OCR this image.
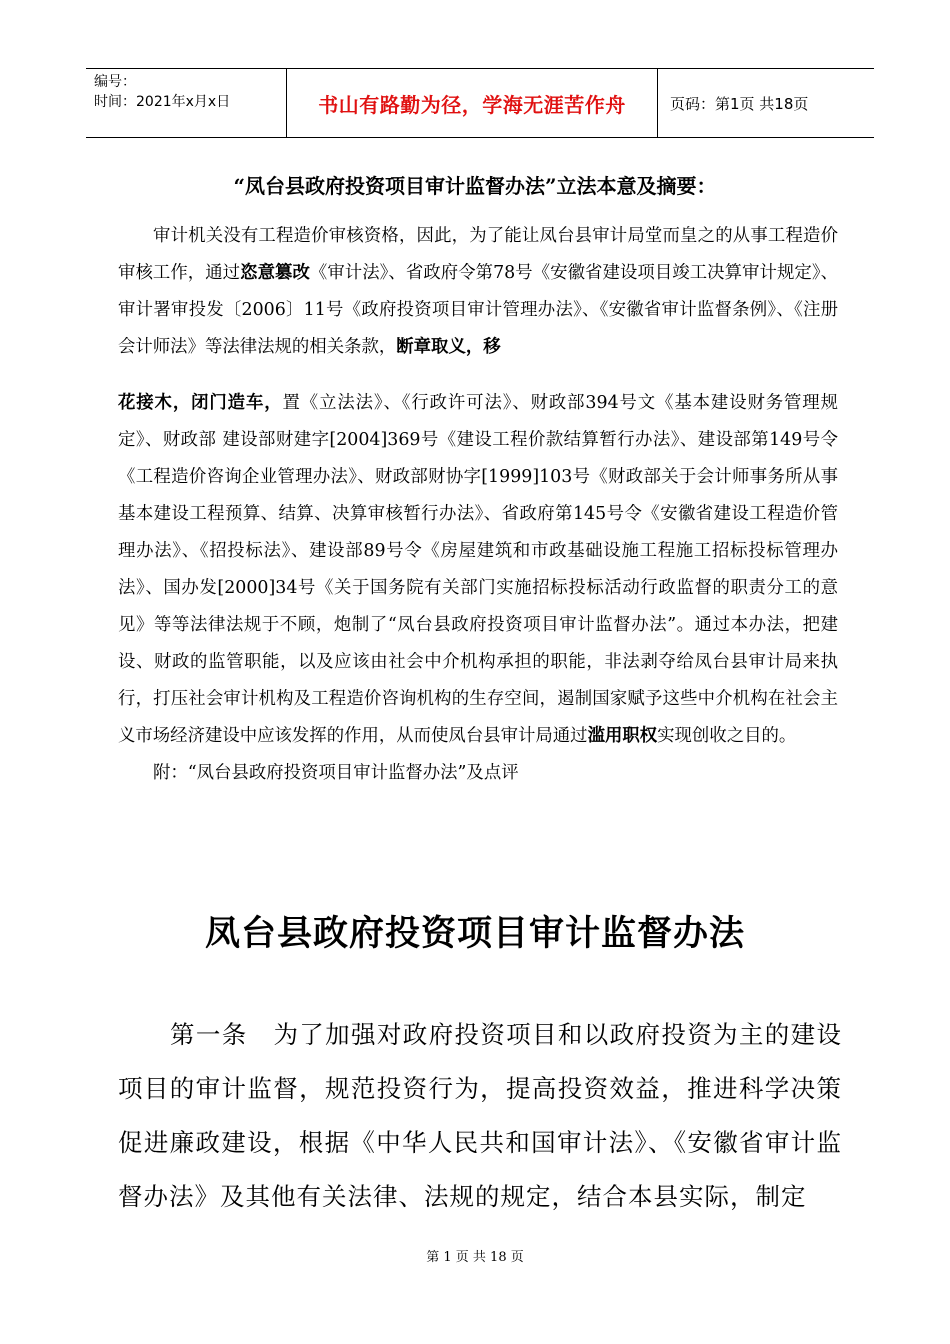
编号：
时间：2021年x月x日	书山有路勤为径，学海无涯苦作舟	页码：第1页 共18页
“凤台县政府投资项目审计监督办法”立法本意及摘要：

审计机关没有工程造价审核资格，因此，为了能让凤台县审计局堂而皇之的从事工程造价审核工作，通过恣意篡改《审计法》、省政府令第78号《安徽省建设项目竣工决算审计规定》、审计署审投发〔2006〕11号《政府投资项目审计管理办法》、《安徽省审计监督条例》、《注册会计师法》等法律法规的相关条款，断章取义，移

花接木，闭门造车，置《立法法》、《行政许可法》、财政部394号文《基本建设财务管理规定》、财政部 建设部财建字[2004]369号《建设工程价款结算暂行办法》、建设部第149号令《工程造价咨询企业管理办法》、财政部财协字[1999]103号《财政部关于会计师事务所从事基本建设工程预算、结算、决算审核暂行办法》、省政府第145号令《安徽省建设工程造价管理办法》、《招投标法》、建设部89号令《房屋建筑和市政基础设施工程施工招标投标管理办法》、国办发[2000]34号《关于国务院有关部门实施招标投标活动行政监督的职责分工的意见》等等法律法规于不顾，炮制了“凤台县政府投资项目审计监督办法”。通过本办法，把建设、财政的监管职能，以及应该由社会中介机构承担的职能，非法剥夺给凤台县审计局来执行，打压社会审计机构及工程造价咨询机构的生存空间，遏制国家赋予这些中介机构在社会主义市场经济建设中应该发挥的作用，从而使凤台县审计局通过滥用职权实现创收之目的。

附：“凤台县政府投资项目审计监督办法”及点评

凤台县政府投资项目审计监督办法

第一条　为了加强对政府投资项目和以政府投资为主的建设项目的审计监督，规范投资行为，提高投资效益，推进科学决策促进廉政建设，根据《中华人民共和国审计法》、《安徽省审计监督办法》及其他有关法律、法规的规定，结合本县实际，制定

第 1 页 共 18 页
